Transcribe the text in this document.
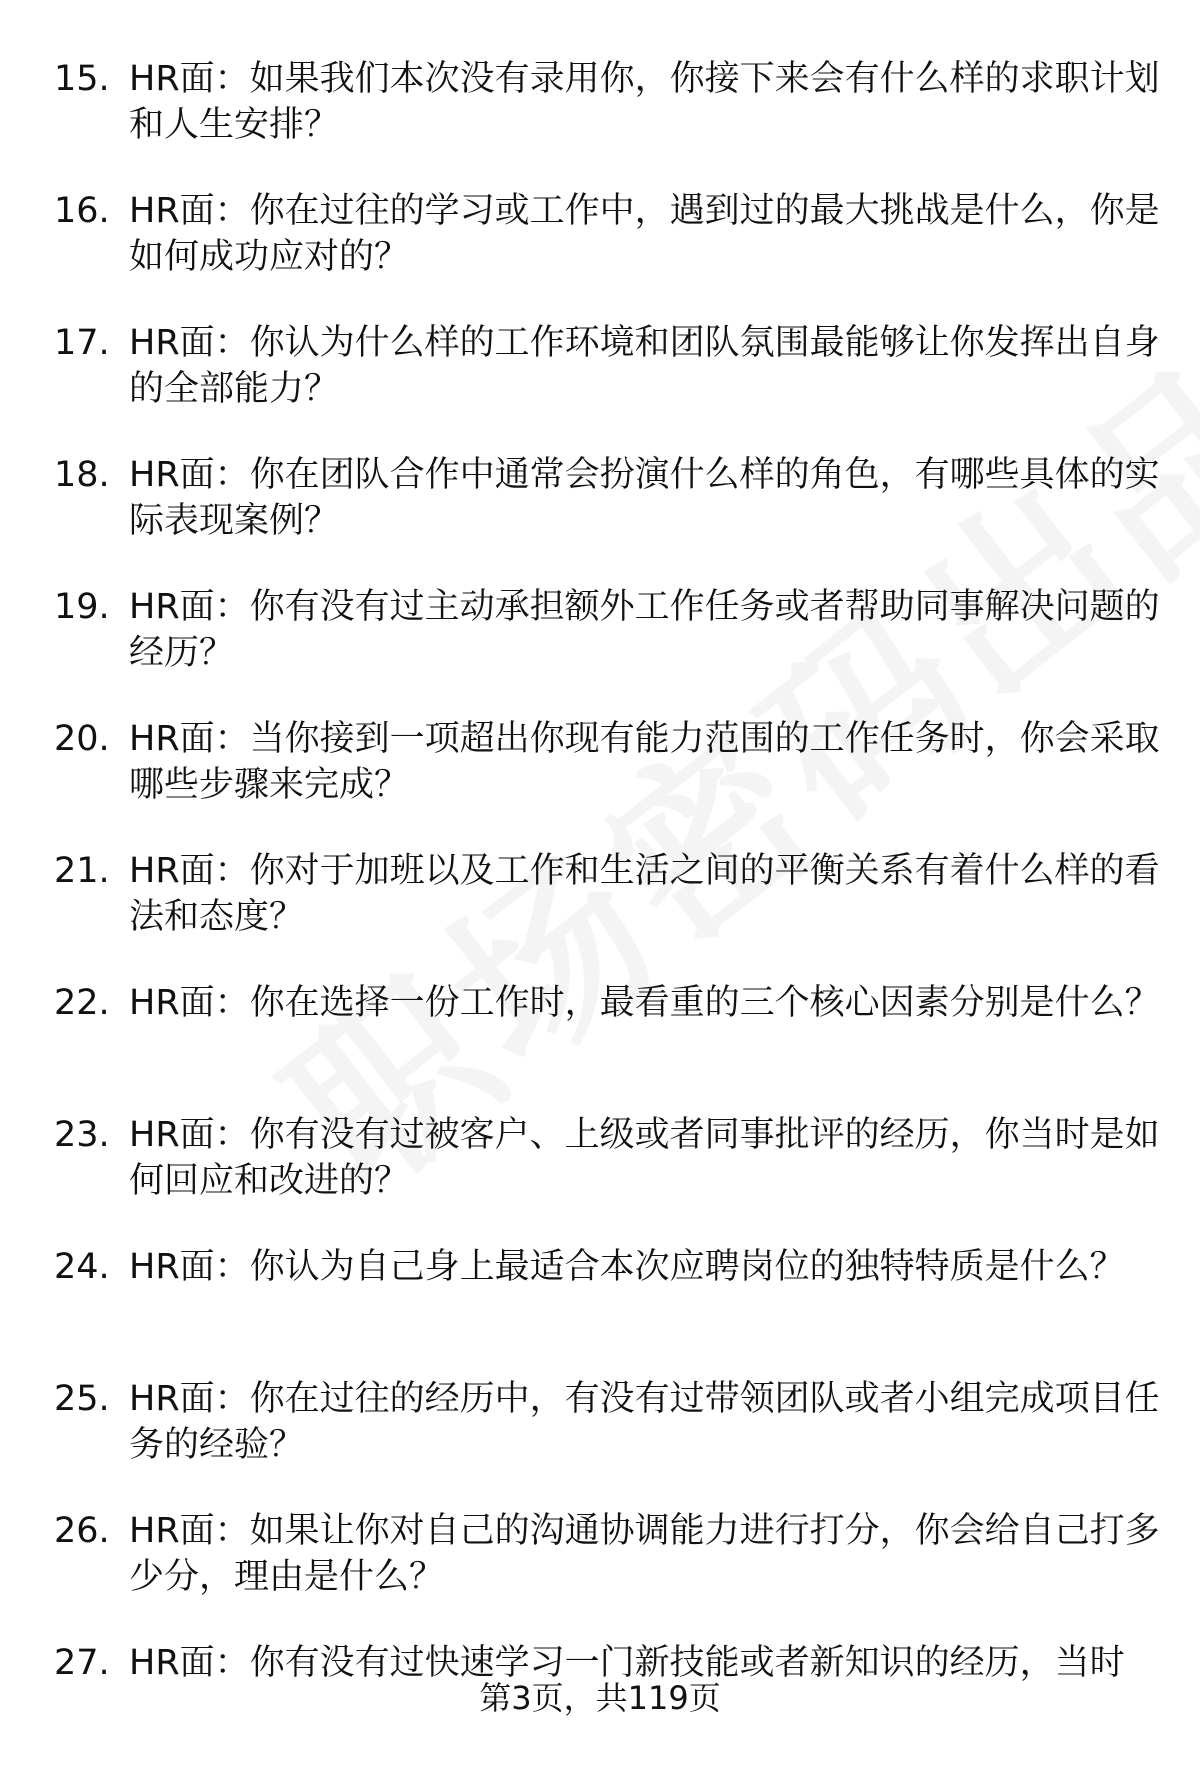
15. HR面：如果我们本次没有录用你，你接下来会有什么样的求职计划和人生安排？
16. HR面：你在过往的学习或工作中，遇到过的最大挑战是什么，你是如何成功应对的？
17. HR面：你认为什么样的工作环境和团队氛围最能够让你发挥出自身的全部能力？
18. HR面：你在团队合作中通常会扮演什么样的角色，有哪些具体的实际表现案例？
19. HR面：你有没有过主动承担额外工作任务或者帮助同事解决问题的经历？
20. HR面：当你接到一项超出你现有能力范围的工作任务时，你会采取哪些步骤来完成？
21. HR面：你对于加班以及工作和生活之间的平衡关系有着什么样的看法和态度？
22. HR面：你在选择一份工作时，最看重的三个核心因素分别是什么？
23. HR面：你有没有过被客户、上级或者同事批评的经历，你当时是如何回应和改进的？
24. HR面：你认为自己身上最适合本次应聘岗位的独特特质是什么？
25. HR面：你在过往的经历中，有没有过带领团队或者小组完成项目任务的经验？
26. HR面：如果让你对自己的沟通协调能力进行打分，你会给自己打多少分，理由是什么？
27. HR面：你有没有过快速学习一门新技能或者新知识的经历，当时
第3页，共119页
